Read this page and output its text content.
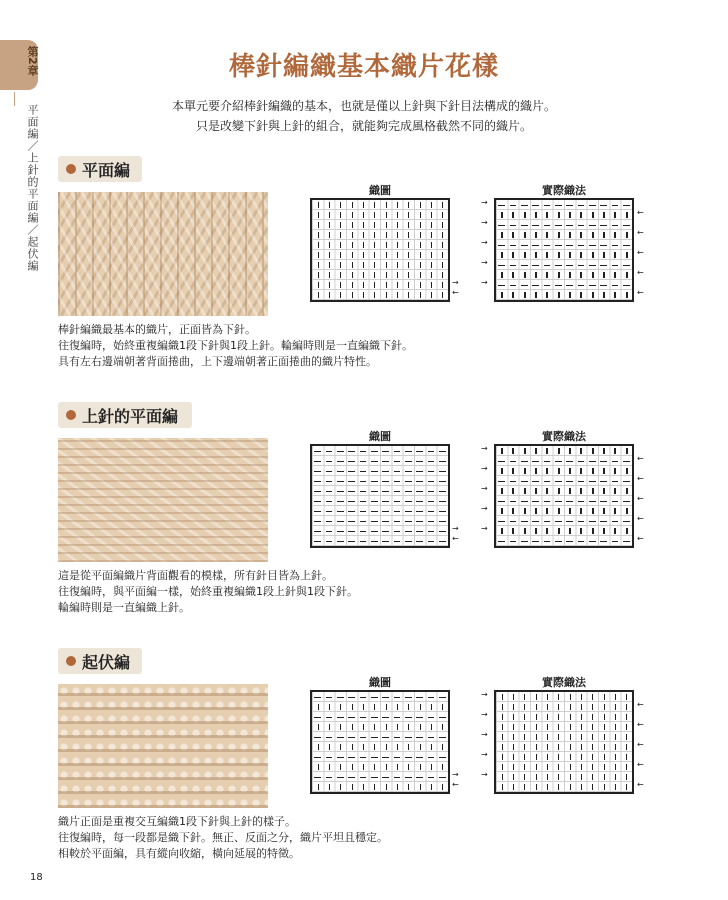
第2章
平面編／上針的平面編／起伏編
棒針編織基本織片花樣
本單元要介紹棒針編織的基本，也就是僅以上針與下針目法構成的織片。
只是改變下針與上針的組合，就能夠完成風格截然不同的織片。
平面編
織圖	實際織法
→
←
→
→
→
→
→
←
←
←
←
←
棒針編織最基本的織片，正面皆為下針。
往復編時，始終重複編織1段下針與1段上針。輪編時則是一直編織下針。
具有左右邊端朝著背面捲曲，上下邊端朝著正面捲曲的織片特性。
上針的平面編
織圖	實際織法
→
←
→
→
→
→
→
←
←
←
←
←
這是從平面編織片背面觀看的模樣，所有針目皆為上針。
往復編時，與平面編一樣，始終重複編織1段上針與1段下針。
輪編時則是一直編織上針。
起伏編
織圖	實際織法
→
←
→
→
→
→
→
←
←
←
←
←
織片正面是重複交互編織1段下針與上針的樣子。
往復編時，每一段都是織下針。無正、反面之分，織片平坦且穩定。
相較於平面編，具有縱向收縮，橫向延展的特徵。
18
